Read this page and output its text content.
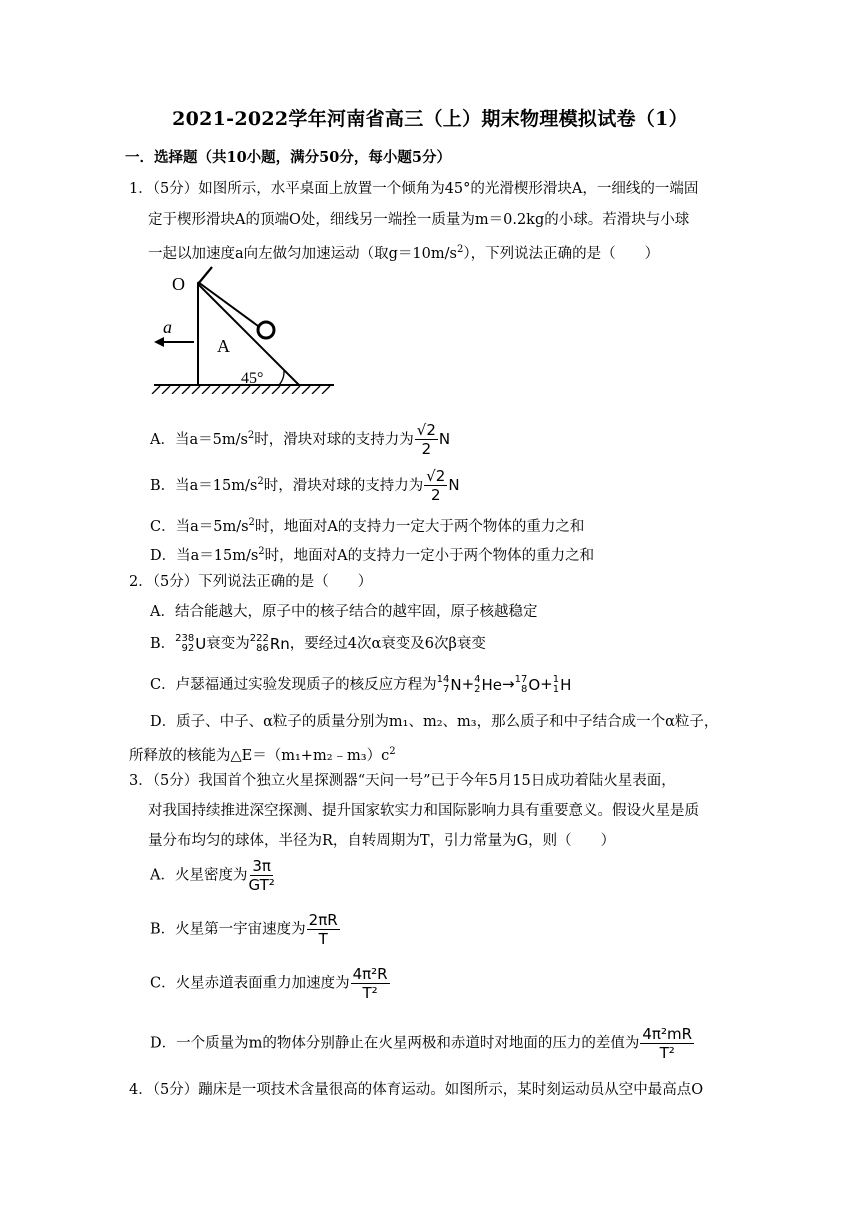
2021-2022学年河南省高三（上）期末物理模拟试卷（1）
一．选择题（共10小题，满分50分，每小题5分）
1．（5分）如图所示，水平桌面上放置一个倾角为45°的光滑楔形滑块A，一细线的一端固
定于楔形滑块A的顶端O处，细线另一端拴一质量为m＝0.2kg的小球。若滑块与小球
一起以加速度a向左做匀加速运动（取$g=10m/s^2$），下列说法正确的是（　　）
O
a
A
45°
A．当$a=5m/s^2$时，滑块对球的支持力为 $\frac{√2}{2}$ N
B．当$a=15m/s^2$时，滑块对球的支持力为 $\frac{√2}{2}$ N
C．当$a=5m/s^2$时，地面对A的支持力一定大于两个物体的重力之和
D．当$a=15m/s^2$时，地面对A的支持力一定小于两个物体的重力之和
2．（5分）下列说法正确的是（　　）
A．结合能越大，原子中的核子结合的越牢固，原子核越稳定
B． 238
92 U 衰变为 222
86 Rn ，要经过4次α衰变及6次β衰变
C．卢瑟福通过实验发现质子的核反应方程为 14
7 N + 4
2 He → 17
8 O + 1
1 H
D．质子、中子、α粒子的质量分别为m₁、m₂、m₃，那么质子和中子结合成一个α粒子，
所释放的核能为$\triangle E=(m_1+m_2﹣m_3)c^2$
3．（5分）我国首个独立火星探测器“天问一号”已于今年5月15日成功着陆火星表面，
对我国持续推进深空探测、提升国家软实力和国际影响力具有重要意义。假设火星是质
量分布均匀的球体，半径为R，自转周期为T，引力常量为G，则（　　）
A．火星密度为 $\frac{3\pi}{\text{GT²}}$
B．火星第一宇宙速度为 $\frac{2\pi R}{T}$
C．火星赤道表面重力加速度为 $\frac{\text{4π²R}}{\text{T²}}$
D．一个质量为m的物体分别静止在火星两极和赤道时对地面的压力的差值为 $\frac{\text{4π²mR}}{\text{T²}}$
4．（5分）蹦床是一项技术含量很高的体育运动。如图所示，某时刻运动员从空中最高点O
